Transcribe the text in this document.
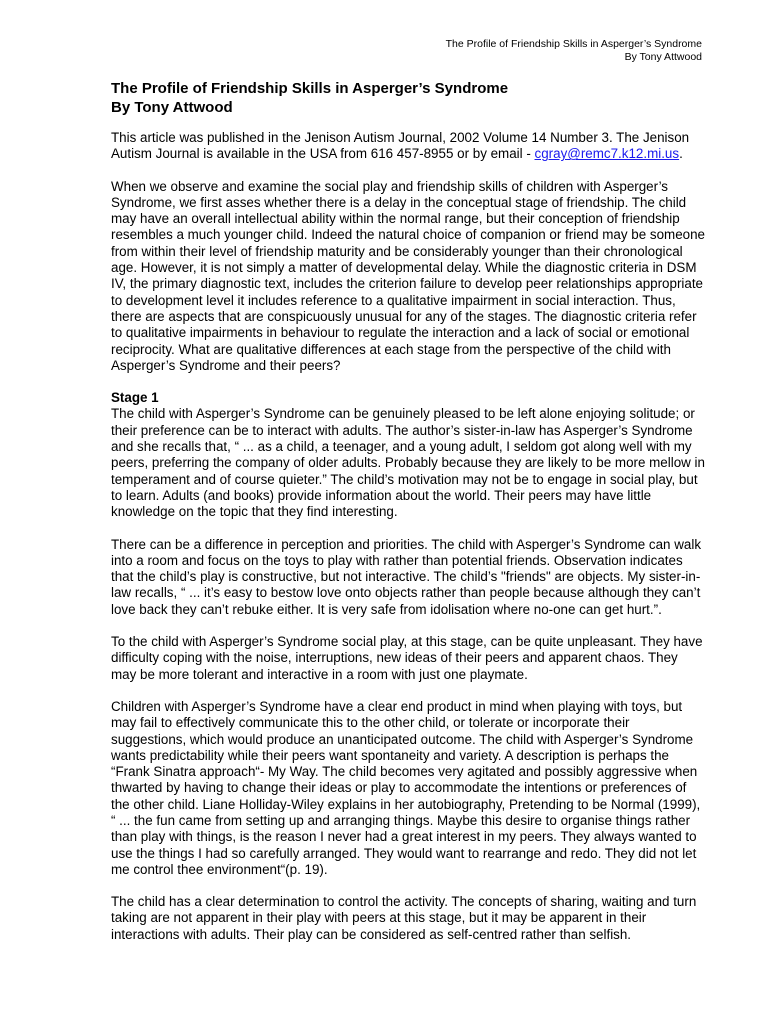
The Profile of Friendship Skills in Asperger’s Syndrome
By Tony Attwood
The Profile of Friendship Skills in Asperger’s Syndrome
By Tony Attwood

This article was published in the Jenison Autism Journal, 2002 Volume 14 Number 3. The Jenison Autism Journal is available in the USA from 616 457-8955 or by email - cgray@remc7.k12.mi.us.

When we observe and examine the social play and friendship skills of children with Asperger’s Syndrome, we first asses whether there is a delay in the conceptual stage of friendship. The child may have an overall intellectual ability within the normal range, but their conception of friendship resembles a much younger child. Indeed the natural choice of companion or friend may be someone from within their level of friendship maturity and be considerably younger than their chronological age. However, it is not simply a matter of developmental delay. While the diagnostic criteria in DSM IV, the primary diagnostic text, includes the criterion failure to develop peer relationships appropriate to development level it includes reference to a qualitative impairment in social interaction. Thus, there are aspects that are conspicuously unusual for any of the stages. The diagnostic criteria refer to qualitative impairments in behaviour to regulate the interaction and a lack of social or emotional reciprocity. What are qualitative differences at each stage from the perspective of the child with Asperger’s Syndrome and their peers?

Stage 1
The child with Asperger’s Syndrome can be genuinely pleased to be left alone enjoying solitude; or their preference can be to interact with adults. The author’s sister-in-law has Asperger’s Syndrome and she recalls that, “ ... as a child, a teenager, and a young adult, I seldom got along well with my peers, preferring the company of older adults. Probably because they are likely to be more mellow in temperament and of course quieter.” The child’s motivation may not be to engage in social play, but to learn. Adults (and books) provide information about the world. Their peers may have little knowledge on the topic that they find interesting.

There can be a difference in perception and priorities. The child with Asperger’s Syndrome can walk into a room and focus on the toys to play with rather than potential friends. Observation indicates that the child’s play is constructive, but not interactive. The child’s "friends" are objects. My sister-in-law recalls, “ ... it’s easy to bestow love onto objects rather than people because although they can’t love back they can’t rebuke either. It is very safe from idolisation where no-one can get hurt.”.

To the child with Asperger’s Syndrome social play, at this stage, can be quite unpleasant. They have difficulty coping with the noise, interruptions, new ideas of their peers and apparent chaos. They may be more tolerant and interactive in a room with just one playmate.

Children with Asperger’s Syndrome have a clear end product in mind when playing with toys, but may fail to effectively communicate this to the other child, or tolerate or incorporate their suggestions, which would produce an unanticipated outcome. The child with Asperger’s Syndrome wants predictability while their peers want spontaneity and variety. A description is perhaps the “Frank Sinatra approach“- My Way. The child becomes very agitated and possibly aggressive when thwarted by having to change their ideas or play to accommodate the intentions or preferences of the other child. Liane Holliday-Wiley explains in her autobiography, Pretending to be Normal (1999), “ ... the fun came from setting up and arranging things. Maybe this desire to organise things rather than play with things, is the reason I never had a great interest in my peers. They always wanted to use the things I had so carefully arranged. They would want to rearrange and redo. They did not let me control thee environment“(p. 19).

The child has a clear determination to control the activity. The concepts of sharing, waiting and turn taking are not apparent in their play with peers at this stage, but it may be apparent in their interactions with adults. Their play can be considered as self-centred rather than selfish.
